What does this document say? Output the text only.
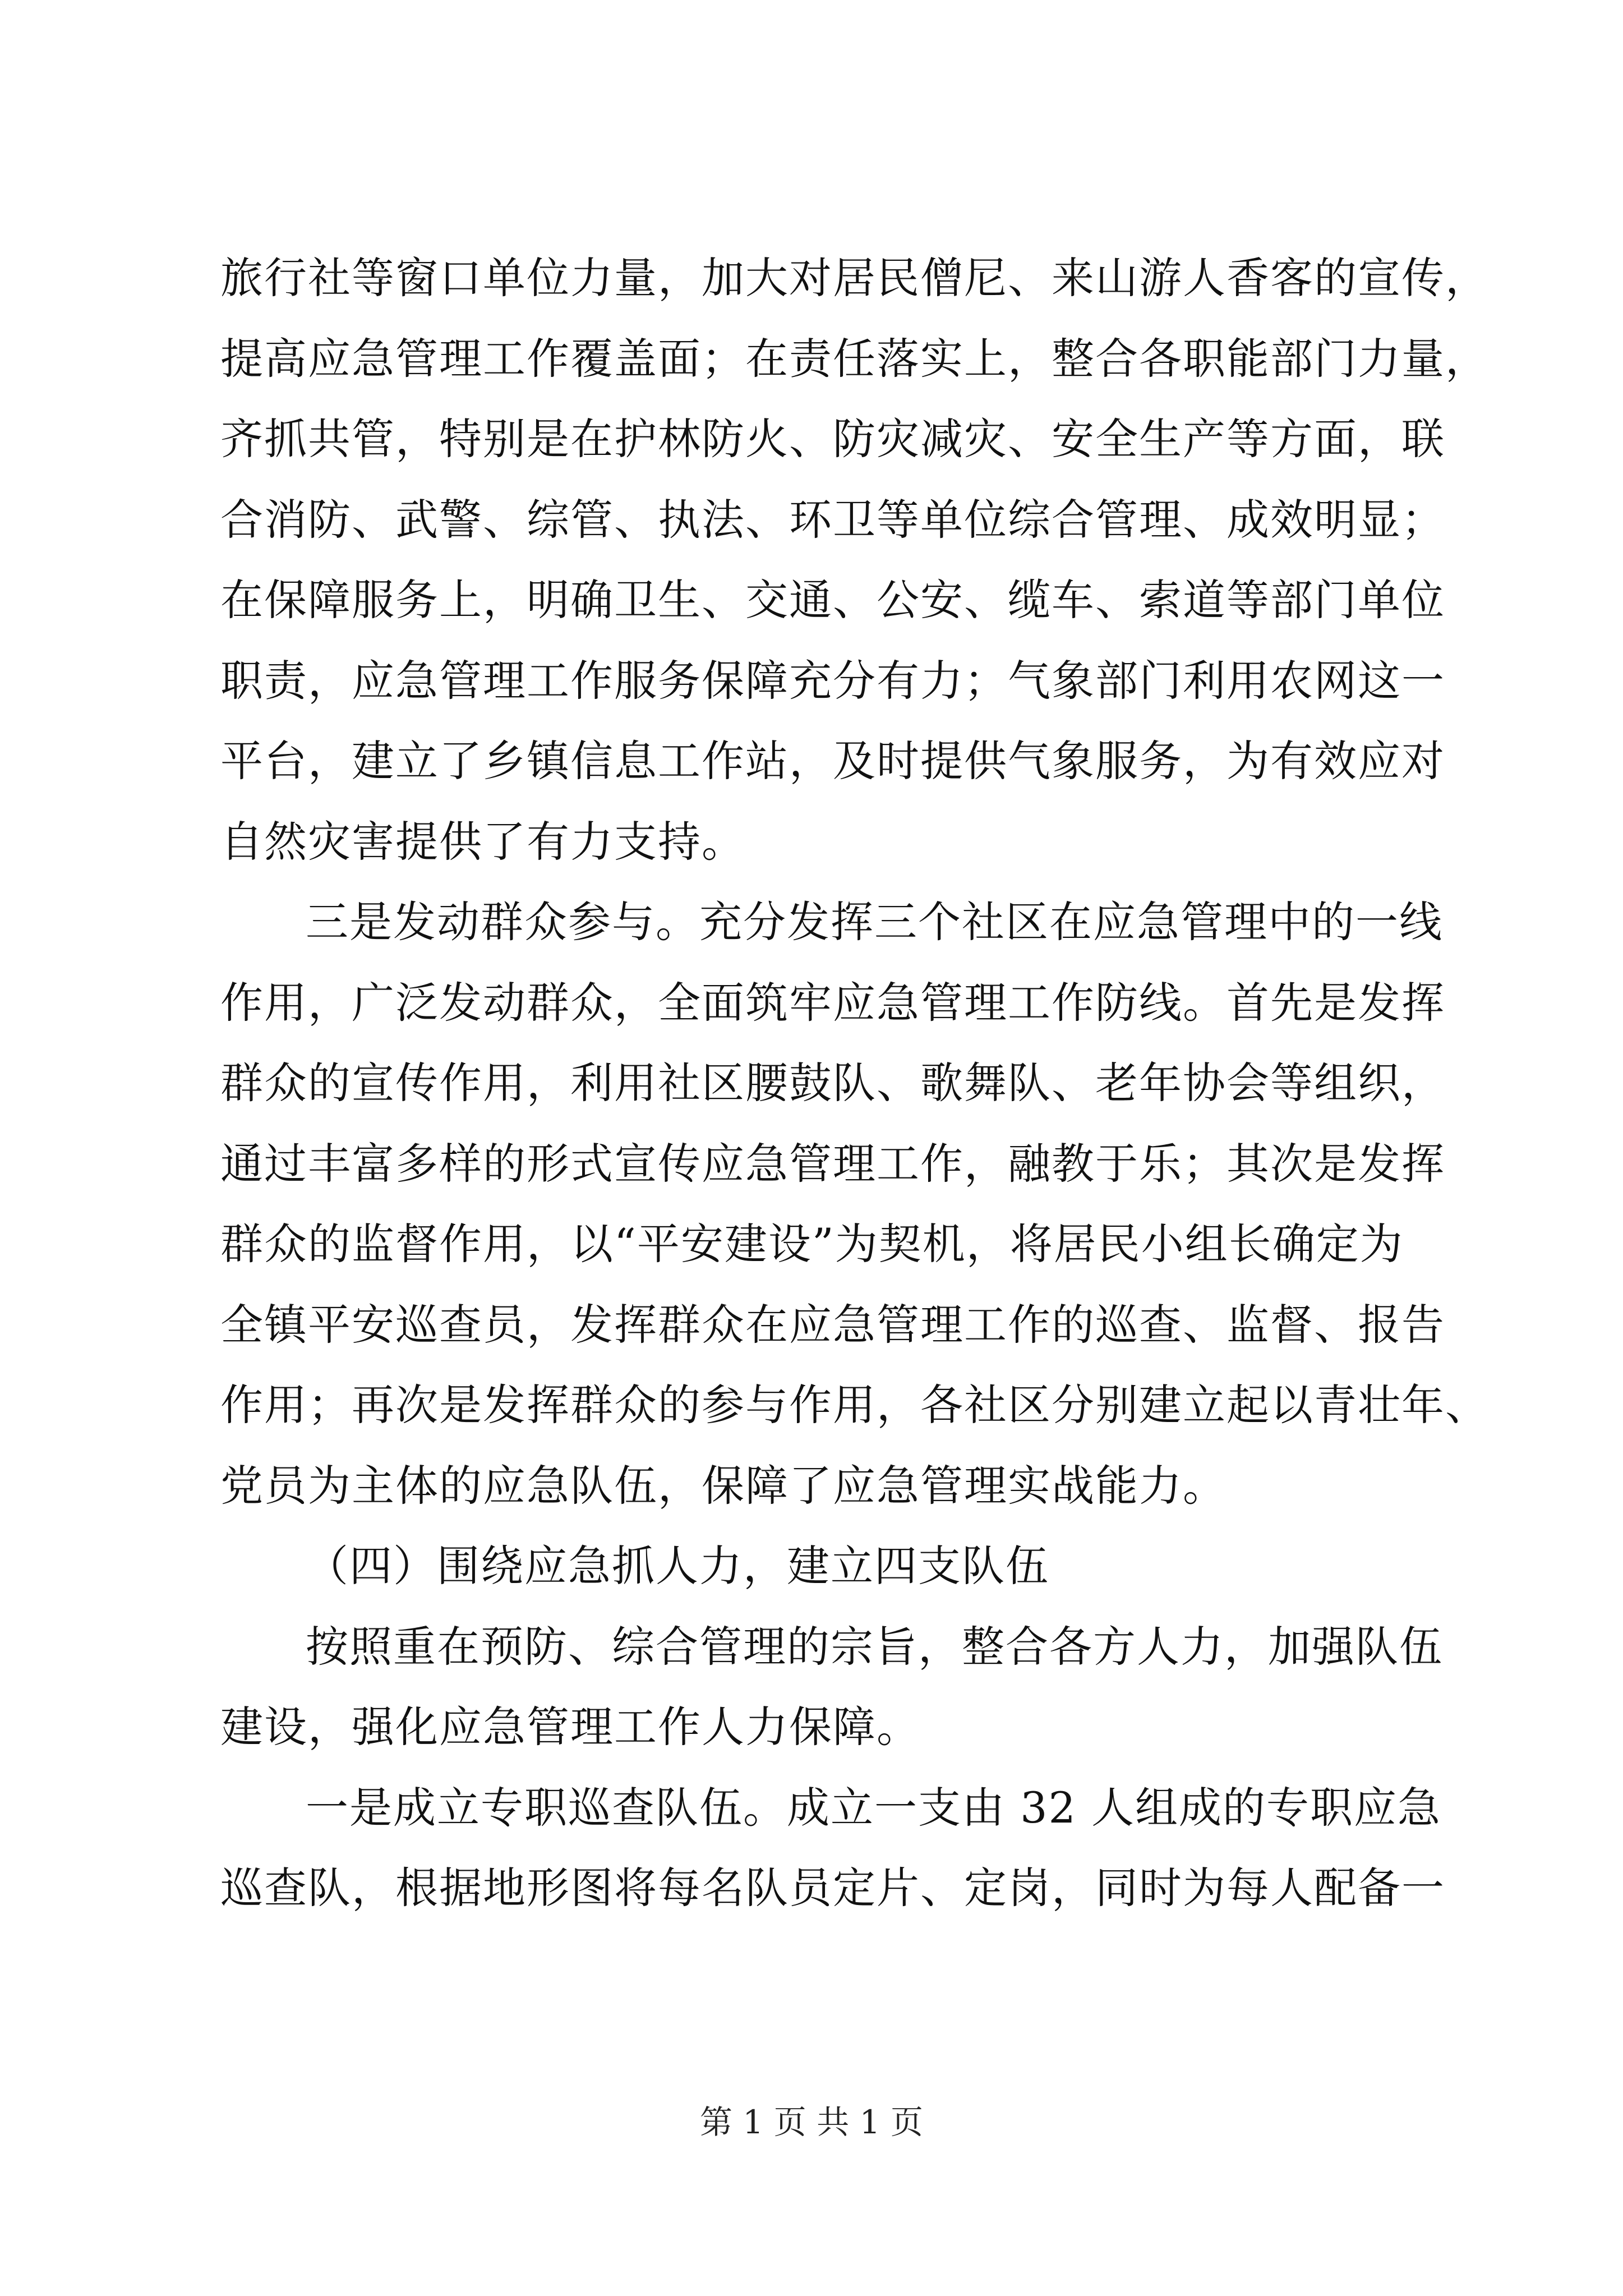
旅行社等窗口单位力量，加大对居民僧尼、来山游人香客的宣传，
提高应急管理工作覆盖面；在责任落实上，整合各职能部门力量，
齐抓共管，特别是在护林防火、防灾减灾、安全生产等方面，联
合消防、武警、综管、执法、环卫等单位综合管理、成效明显；
在保障服务上，明确卫生、交通、公安、缆车、索道等部门单位
职责，应急管理工作服务保障充分有力；气象部门利用农网这一
平台，建立了乡镇信息工作站，及时提供气象服务，为有效应对
自然灾害提供了有力支持。
三是发动群众参与。充分发挥三个社区在应急管理中的一线
作用，广泛发动群众，全面筑牢应急管理工作防线。首先是发挥
群众的宣传作用，利用社区腰鼓队、歌舞队、老年协会等组织，
通过丰富多样的形式宣传应急管理工作，融教于乐；其次是发挥
群众的监督作用，以“平安建设”为契机，将居民小组长确定为
全镇平安巡查员，发挥群众在应急管理工作的巡查、监督、报告
作用；再次是发挥群众的参与作用，各社区分别建立起以青壮年、
党员为主体的应急队伍，保障了应急管理实战能力。
（四）围绕应急抓人力，建立四支队伍
按照重在预防、综合管理的宗旨，整合各方人力，加强队伍
建设，强化应急管理工作人力保障。
一是成立专职巡查队伍。成立一支由 32 人组成的专职应急
巡查队，根据地形图将每名队员定片、定岗，同时为每人配备一
第 1 页 共 1 页
